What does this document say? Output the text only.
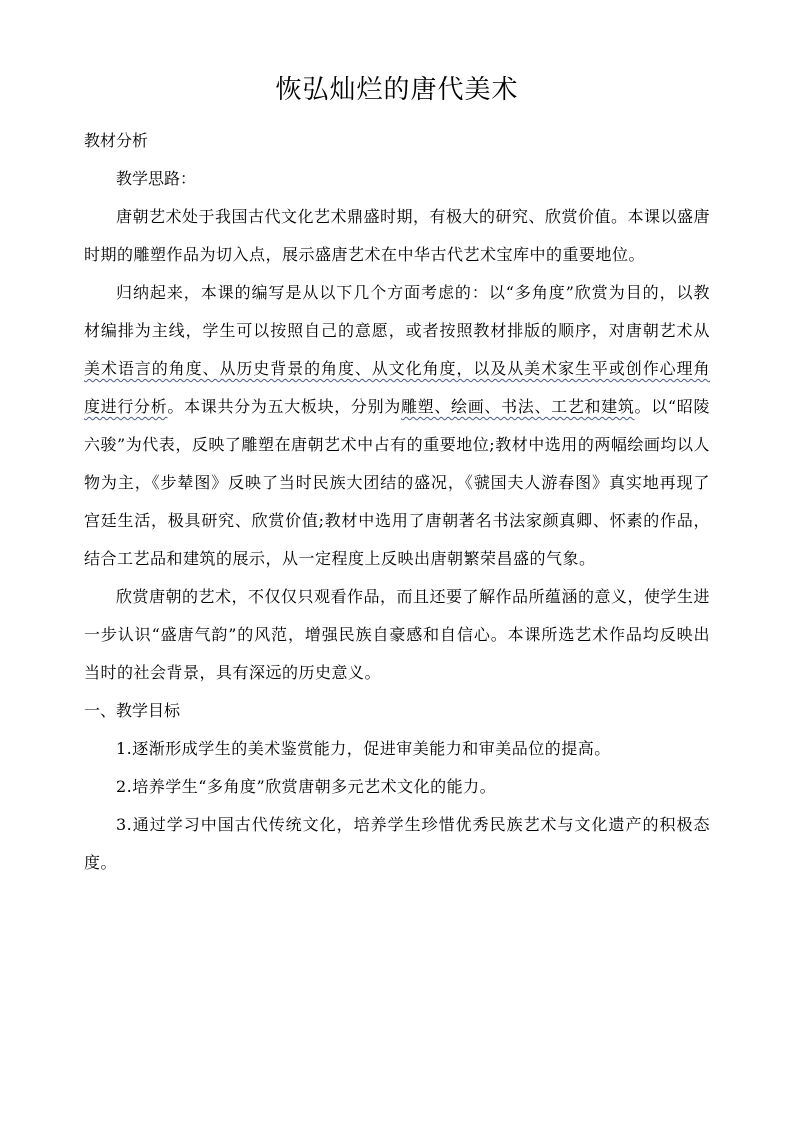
恢弘灿烂的唐代美术

教材分析

教学思路：

唐朝艺术处于我国古代文化艺术鼎盛时期，有极大的研究、欣赏价值。本课以盛唐时期的雕塑作品为切入点，展示盛唐艺术在中华古代艺术宝库中的重要地位。

归纳起来，本课的编写是从以下几个方面考虑的：以“多角度”欣赏为目的，以教材编排为主线，学生可以按照自己的意愿，或者按照教材排版的顺序，对唐朝艺术从美术语言的角度、从历史背景的角度、从文化角度，以及从美术家生平或创作心理角度进行分析。本课共分为五大板块，分别为雕塑、绘画、书法、工艺和建筑。以“昭陵六骏”为代表，反映了雕塑在唐朝艺术中占有的重要地位;教材中选用的两幅绘画均以人物为主，《步辇图》反映了当时民族大团结的盛况，《虢国夫人游春图》真实地再现了宫廷生活，极具研究、欣赏价值;教材中选用了唐朝著名书法家颜真卿、怀素的作品，结合工艺品和建筑的展示，从一定程度上反映出唐朝繁荣昌盛的气象。

欣赏唐朝的艺术，不仅仅只观看作品，而且还要了解作品所蕴涵的意义，使学生进一步认识“盛唐气韵”的风范，增强民族自豪感和自信心。本课所选艺术作品均反映出当时的社会背景，具有深远的历史意义。

一、教学目标

1.逐渐形成学生的美术鉴赏能力，促进审美能力和审美品位的提高。

2.培养学生“多角度”欣赏唐朝多元艺术文化的能力。

3.通过学习中国古代传统文化，培养学生珍惜优秀民族艺术与文化遗产的积极态度。
